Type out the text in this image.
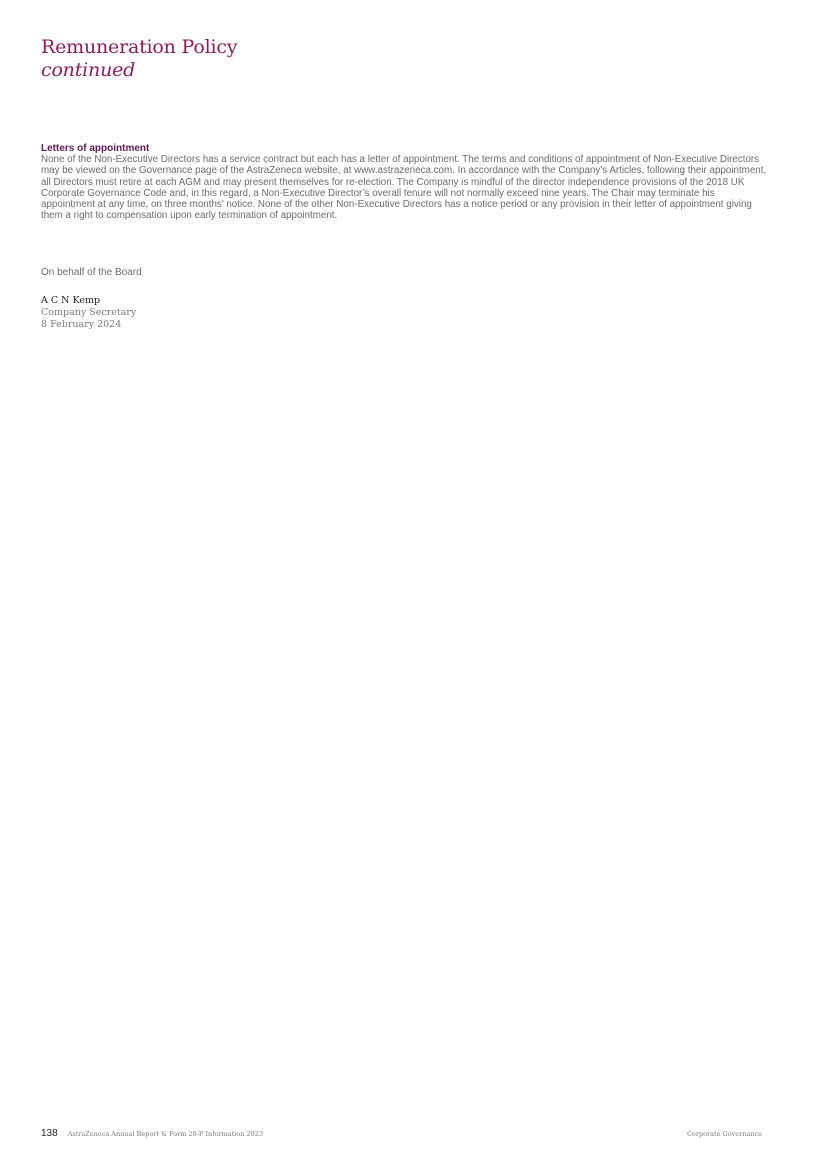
Remuneration Policy
continued
Letters of appointment

None of the Non-Executive Directors has a service contract but each has a letter of appointment. The terms and conditions of appointment of Non-Executive Directors may be viewed on the Governance page of the AstraZeneca website, at www.astrazeneca.com. In accordance with the Company’s Articles, following their appointment, all Directors must retire at each AGM and may present themselves for re-election. The Company is mindful of the director independence provisions of the 2018 UK Corporate Governance Code and, in this regard, a Non-Executive Director’s overall tenure will not normally exceed nine years. The Chair may terminate his appointment at any time, on three months’ notice. None of the other Non-Executive Directors has a notice period or any provision in their letter of appointment giving them a right to compensation upon early termination of appointment.

On behalf of the Board
A C N Kemp
Company Secretary
8 February 2024
138 AstraZeneca Annual Report & Form 20-F Information 2023	Corporate Governance
